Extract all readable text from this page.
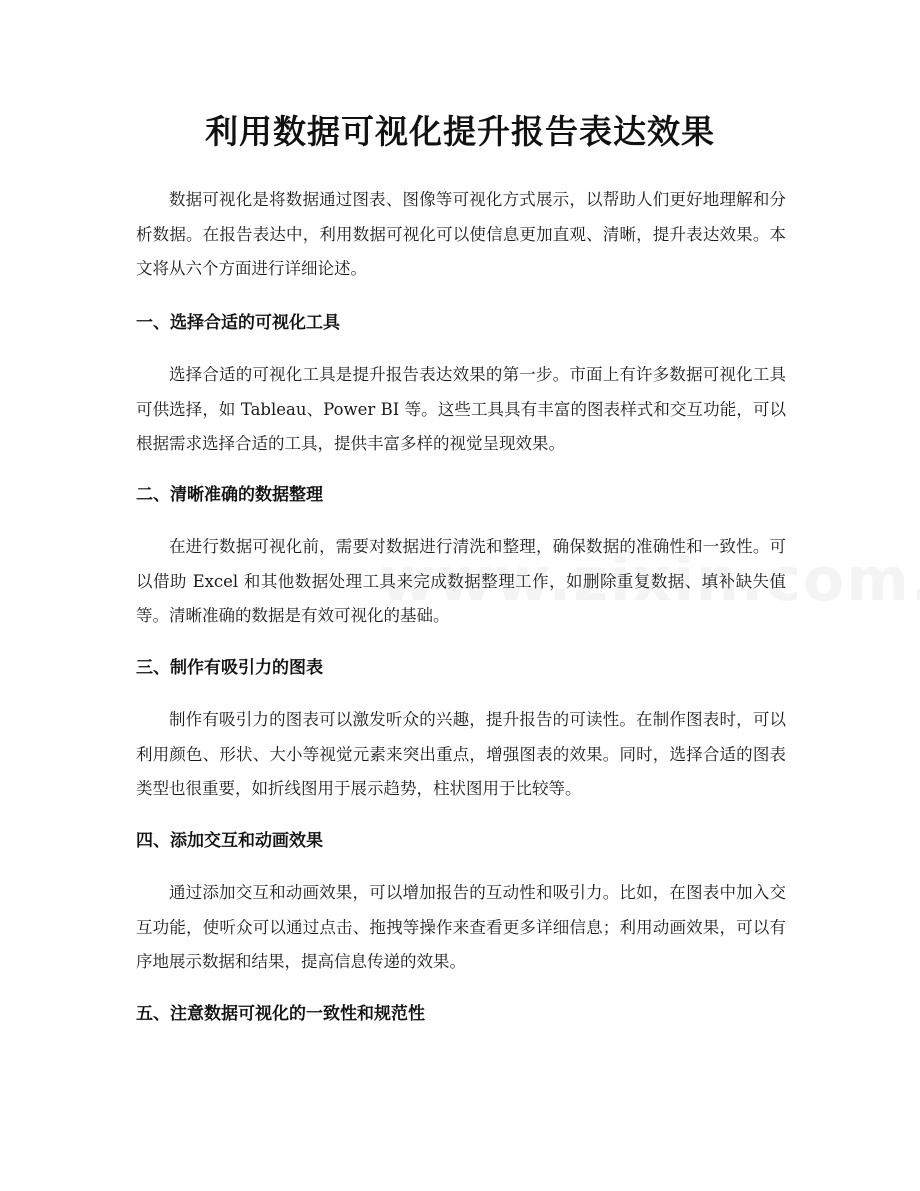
利用数据可视化提升报告表达效果

数据可视化是将数据通过图表、图像等可视化方式展示，以帮助人们更好地理解和分析数据。在报告表达中，利用数据可视化可以使信息更加直观、清晰，提升表达效果。本文将从六个方面进行详细论述。

一、选择合适的可视化工具

选择合适的可视化工具是提升报告表达效果的第一步。市面上有许多数据可视化工具可供选择，如 Tableau、Power BI 等。这些工具具有丰富的图表样式和交互功能，可以根据需求选择合适的工具，提供丰富多样的视觉呈现效果。

二、清晰准确的数据整理

在进行数据可视化前，需要对数据进行清洗和整理，确保数据的准确性和一致性。可以借助 Excel 和其他数据处理工具来完成数据整理工作，如删除重复数据、填补缺失值等。清晰准确的数据是有效可视化的基础。

三、制作有吸引力的图表

制作有吸引力的图表可以激发听众的兴趣，提升报告的可读性。在制作图表时，可以利用颜色、形状、大小等视觉元素来突出重点，增强图表的效果。同时，选择合适的图表类型也很重要，如折线图用于展示趋势，柱状图用于比较等。

四、添加交互和动画效果

通过添加交互和动画效果，可以增加报告的互动性和吸引力。比如，在图表中加入交互功能，使听众可以通过点击、拖拽等操作来查看更多详细信息；利用动画效果，可以有序地展示数据和结果，提高信息传递的效果。

五、注意数据可视化的一致性和规范性
